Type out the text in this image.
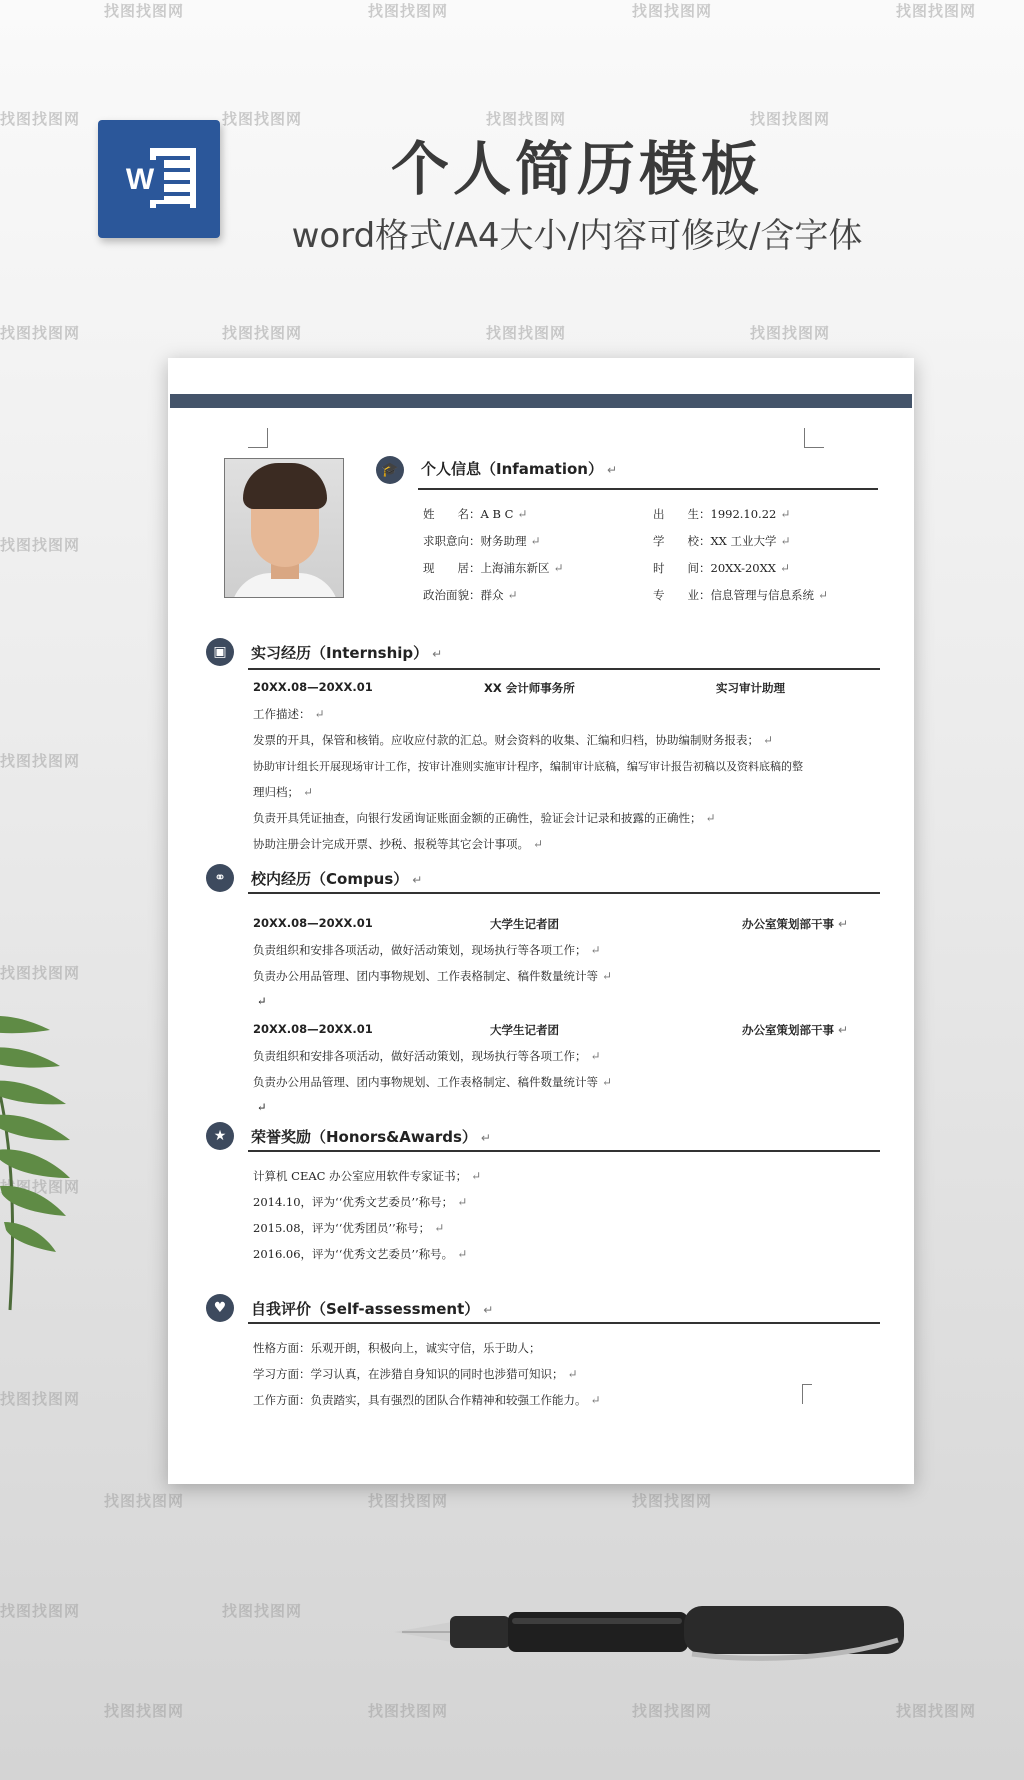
找图找图网	找图找图网	找图找图网	找图找图网
找图找图网	找图找图网	找图找图网	找图找图网
找图找图网	找图找图网	找图找图网	找图找图网
找图找图网
找图找图网
找图找图网
找图找图网
找图找图网
找图找图网	找图找图网	找图找图网
找图找图网	找图找图网
找图找图网	找图找图网	找图找图网	找图找图网
W	个人简历模板
word格式/A4大小/内容可修改/含字体
🎓	个人信息（Infamation） ↵
姓　　名：A B C ↵	出　　生：1992.10.22 ↵
求职意向：财务助理 ↵	学　　校：XX 工业大学 ↵
现　　居：上海浦东新区 ↵	时　　间：20XX-20XX ↵
政治面貌：群众 ↵	专　　业：信息管理与信息系统 ↵
▣	实习经历（Internship） ↵
20XX.08—20XX.01	XX 会计师事务所	实习审计助理
工作描述： ↵
发票的开具，保管和核销。应收应付款的汇总。财会资料的收集、汇编和归档，协助编制财务报表； ↵
协助审计组长开展现场审计工作，按审计准则实施审计程序，编制审计底稿，编写审计报告初稿以及资料底稿的整
理归档； ↵
负责开具凭证抽查，向银行发函询证账面金额的正确性，验证会计记录和披露的正确性； ↵
协助注册会计完成开票、抄税、报税等其它会计事项。 ↵
⚭	校内经历（Compus） ↵
20XX.08—20XX.01	大学生记者团	办公室策划部干事 ↵
负责组织和安排各项活动，做好活动策划，现场执行等各项工作； ↵
负责办公用品管理、团内事物规划、工作表格制定、稿件数量统计等 ↵
↵
20XX.08—20XX.01	大学生记者团	办公室策划部干事 ↵
负责组织和安排各项活动，做好活动策划，现场执行等各项工作； ↵
负责办公用品管理、团内事物规划、工作表格制定、稿件数量统计等 ↵
↵
★	荣誉奖励（Honors&Awards） ↵
计算机 CEAC 办公室应用软件专家证书； ↵
2014.10，评为‘‘优秀文艺委员’’称号； ↵
2015.08，评为‘‘优秀团员’’称号； ↵
2016.06，评为‘‘优秀文艺委员’’称号。 ↵
♥	自我评价（Self-assessment） ↵
性格方面：乐观开朗，积极向上，诚实守信，乐于助人；
学习方面：学习认真，在涉猎自身知识的同时也涉猎可知识； ↵
工作方面：负责踏实，具有强烈的团队合作精神和较强工作能力。 ↵
